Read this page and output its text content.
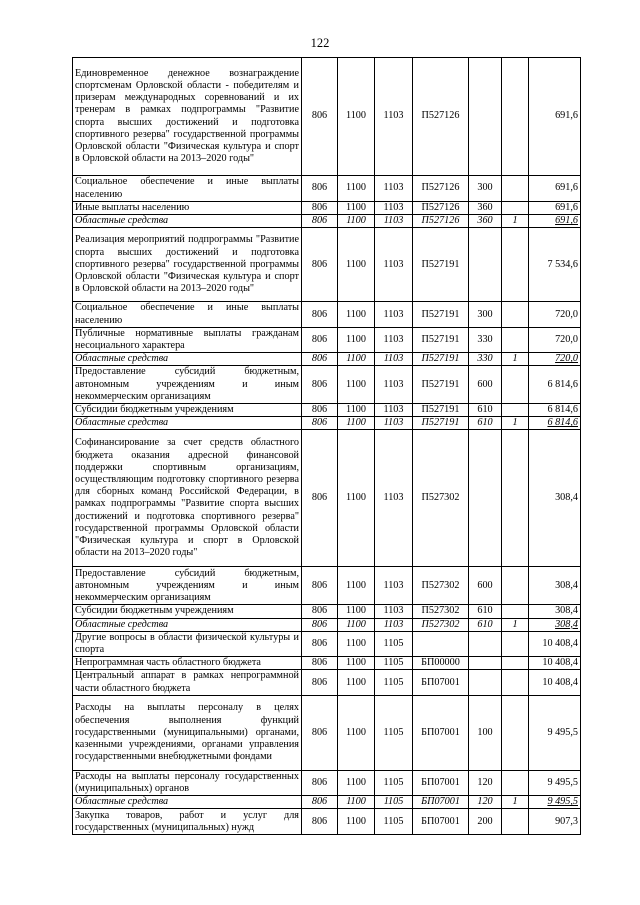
122
Единовременное денежное вознаграждение спортсменам Орловской области - победителям и призерам международных соревнований и их тренерам в рамках подпрограммы "Развитие спорта высших достижений и подготовка спортивного резерва" государственной программы Орловской области "Физическая культура и спорт в Орловской области на 2013–2020 годы"	806	1100	1103	П527126			691,6
Социальное обеспечение и иные выплаты населению	806	1100	1103	П527126	300		691,6
Иные выплаты населению	806	1100	1103	П527126	360		691,6
Областные средства	806	1100	1103	П527126	360	1	691,6
Реализация мероприятий подпрограммы "Развитие спорта высших достижений и подготовка спортивного резерва" государственной программы Орловской области "Физическая культура и спорт в Орловской области на 2013–2020 годы"	806	1100	1103	П527191			7 534,6
Социальное обеспечение и иные выплаты населению	806	1100	1103	П527191	300		720,0
Публичные нормативные выплаты гражданам несоциального характера	806	1100	1103	П527191	330		720,0
Областные средства	806	1100	1103	П527191	330	1	720,0
Предоставление субсидий бюджетным, автономным учреждениям и иным некоммерческим организациям	806	1100	1103	П527191	600		6 814,6
Субсидии бюджетным учреждениям	806	1100	1103	П527191	610		6 814,6
Областные средства	806	1100	1103	П527191	610	1	6 814,6
Софинансирование за счет средств областного бюджета оказания адресной финансовой поддержки спортивным организациям, осуществляющим подготовку спортивного резерва для сборных команд Российской Федерации, в рамках подпрограммы "Развитие спорта высших достижений и подготовка спортивного резерва" государственной программы Орловской области "Физическая культура и спорт в Орловской области на 2013–2020 годы"	806	1100	1103	П527302			308,4
Предоставление субсидий бюджетным, автономным учреждениям и иным некоммерческим организациям	806	1100	1103	П527302	600		308,4
Субсидии бюджетным учреждениям	806	1100	1103	П527302	610		308,4
Областные средства	806	1100	1103	П527302	610	1	308,4
Другие вопросы в области физической культуры и спорта	806	1100	1105				10 408,4
Непрограммная часть областного бюджета	806	1100	1105	БП00000			10 408,4
Центральный аппарат в рамках непрограммной части областного бюджета	806	1100	1105	БП07001			10 408,4
Расходы на выплаты персоналу в целях обеспечения выполнения функций государственными (муниципальными) органами, казенными учреждениями, органами управления государственными внебюджетными фондами	806	1100	1105	БП07001	100		9 495,5
Расходы на выплаты персоналу государственных (муниципальных) органов	806	1100	1105	БП07001	120		9 495,5
Областные средства	806	1100	1105	БП07001	120	1	9 495,5
Закупка товаров, работ и услуг для государственных (муниципальных) нужд	806	1100	1105	БП07001	200		907,3
